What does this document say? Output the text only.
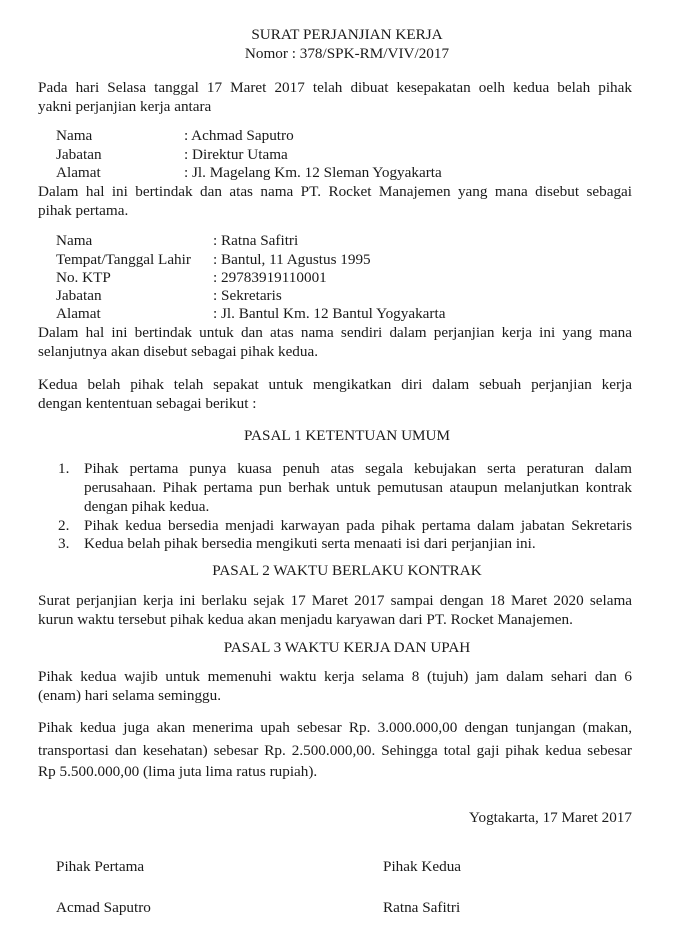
SURAT PERJANJIAN KERJA
Nomor : 378/SPK-RM/VIV/2017
Pada hari Selasa tanggal 17 Maret 2017 telah dibuat kesepakatan oelh kedua belah pihak
yakni perjanjian kerja antara
Nama	: Achmad Saputro
Jabatan	: Direktur Utama
Alamat	: Jl. Magelang Km. 12 Sleman Yogyakarta
Dalam hal ini bertindak dan atas nama PT. Rocket Manajemen yang mana disebut sebagai
pihak pertama.
Nama	: Ratna Safitri
Tempat/Tanggal Lahir : Bantul, 11 Agustus 1995
No. KTP	: 29783919110001
Jabatan	: Sekretaris
Alamat	: Jl. Bantul Km. 12 Bantul Yogyakarta
Dalam hal ini bertindak untuk dan atas nama sendiri dalam perjanjian kerja ini yang mana
selanjutnya akan disebut sebagai pihak kedua.
Kedua belah pihak telah sepakat untuk mengikatkan diri dalam sebuah perjanjian kerja
dengan kententuan sebagai berikut :
PASAL 1 KETENTUAN UMUM
1. Pihak pertama punya kuasa penuh atas segala kebujakan serta peraturan dalam
perusahaan. Pihak pertama pun berhak untuk pemutusan ataupun melanjutkan kontrak
dengan pihak kedua.
2. Pihak kedua bersedia menjadi karwayan pada pihak pertama dalam jabatan Sekretaris
3. Kedua belah pihak bersedia mengikuti serta menaati isi dari perjanjian ini.
PASAL 2 WAKTU BERLAKU KONTRAK
Surat perjanjian kerja ini berlaku sejak 17 Maret 2017 sampai dengan 18 Maret 2020 selama
kurun waktu tersebut pihak kedua akan menjadu karyawan dari PT. Rocket Manajemen.
PASAL 3 WAKTU KERJA DAN UPAH
Pihak kedua wajib untuk memenuhi waktu kerja selama 8 (tujuh) jam dalam sehari dan 6
(enam) hari selama seminggu.
Pihak kedua juga akan menerima upah sebesar Rp. 3.000.000,00 dengan tunjangan (makan,
transportasi dan kesehatan) sebesar Rp. 2.500.000,00. Sehingga total gaji pihak kedua sebesar
Rp 5.500.000,00 (lima juta lima ratus rupiah).
Yogtakarta, 17 Maret 2017
Pihak Pertama	Pihak Kedua
Acmad Saputro	Ratna Safitri
